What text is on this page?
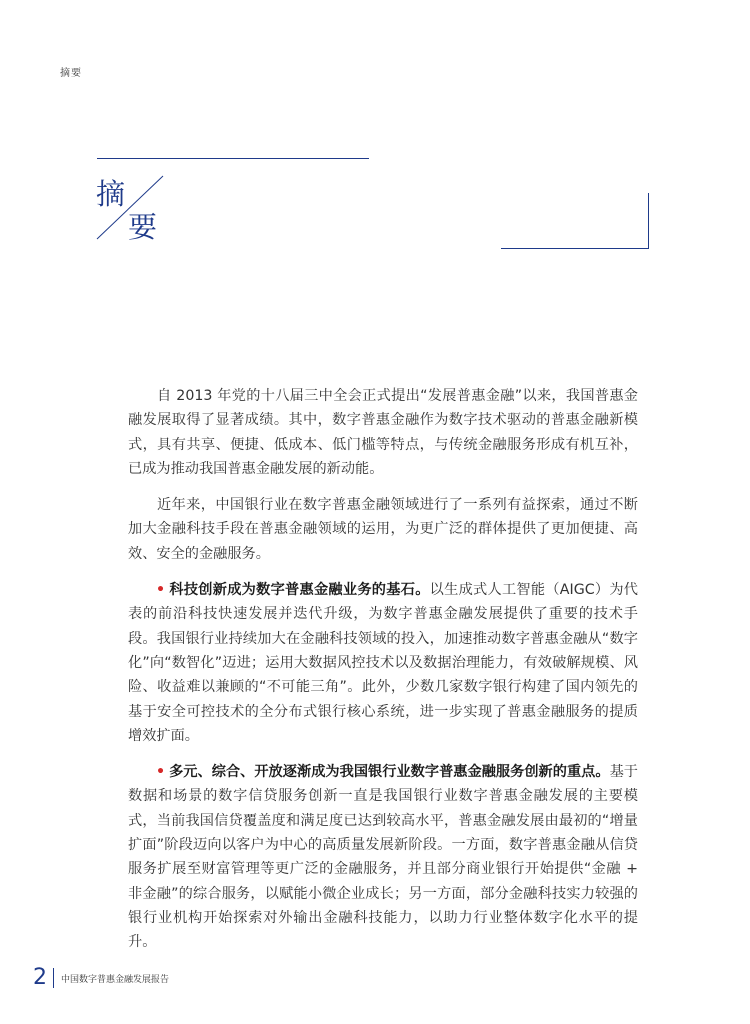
摘要
摘
要

自 2013 年党的十八届三中全会正式提出“发展普惠金融”以来，我国普惠金融发展取得了显著成绩。其中，数字普惠金融作为数字技术驱动的普惠金融新模式，具有共享、便捷、低成本、低门槛等特点，与传统金融服务形成有机互补，已成为推动我国普惠金融发展的新动能。

近年来，中国银行业在数字普惠金融领域进行了一系列有益探索，通过不断加大金融科技手段在普惠金融领域的运用，为更广泛的群体提供了更加便捷、高效、安全的金融服务。

• 科技创新成为数字普惠金融业务的基石。以生成式人工智能（AIGC）为代表的前沿科技快速发展并迭代升级，为数字普惠金融发展提供了重要的技术手段。我国银行业持续加大在金融科技领域的投入，加速推动数字普惠金融从“数字化”向“数智化”迈进；运用大数据风控技术以及数据治理能力，有效破解规模、风险、收益难以兼顾的“不可能三角”。此外，少数几家数字银行构建了国内领先的基于安全可控技术的全分布式银行核心系统，进一步实现了普惠金融服务的提质增效扩面。

• 多元、综合、开放逐渐成为我国银行业数字普惠金融服务创新的重点。基于数据和场景的数字信贷服务创新一直是我国银行业数字普惠金融发展的主要模式，当前我国信贷覆盖度和满足度已达到较高水平，普惠金融发展由最初的“增量扩面”阶段迈向以客户为中心的高质量发展新阶段。一方面，数字普惠金融从信贷服务扩展至财富管理等更广泛的金融服务，并且部分商业银行开始提供“金融 + 非金融”的综合服务，以赋能小微企业成长；另一方面，部分金融科技实力较强的银行业机构开始探索对外输出金融科技能力，以助力行业整体数字化水平的提升。

2 中国数字普惠金融发展报告
